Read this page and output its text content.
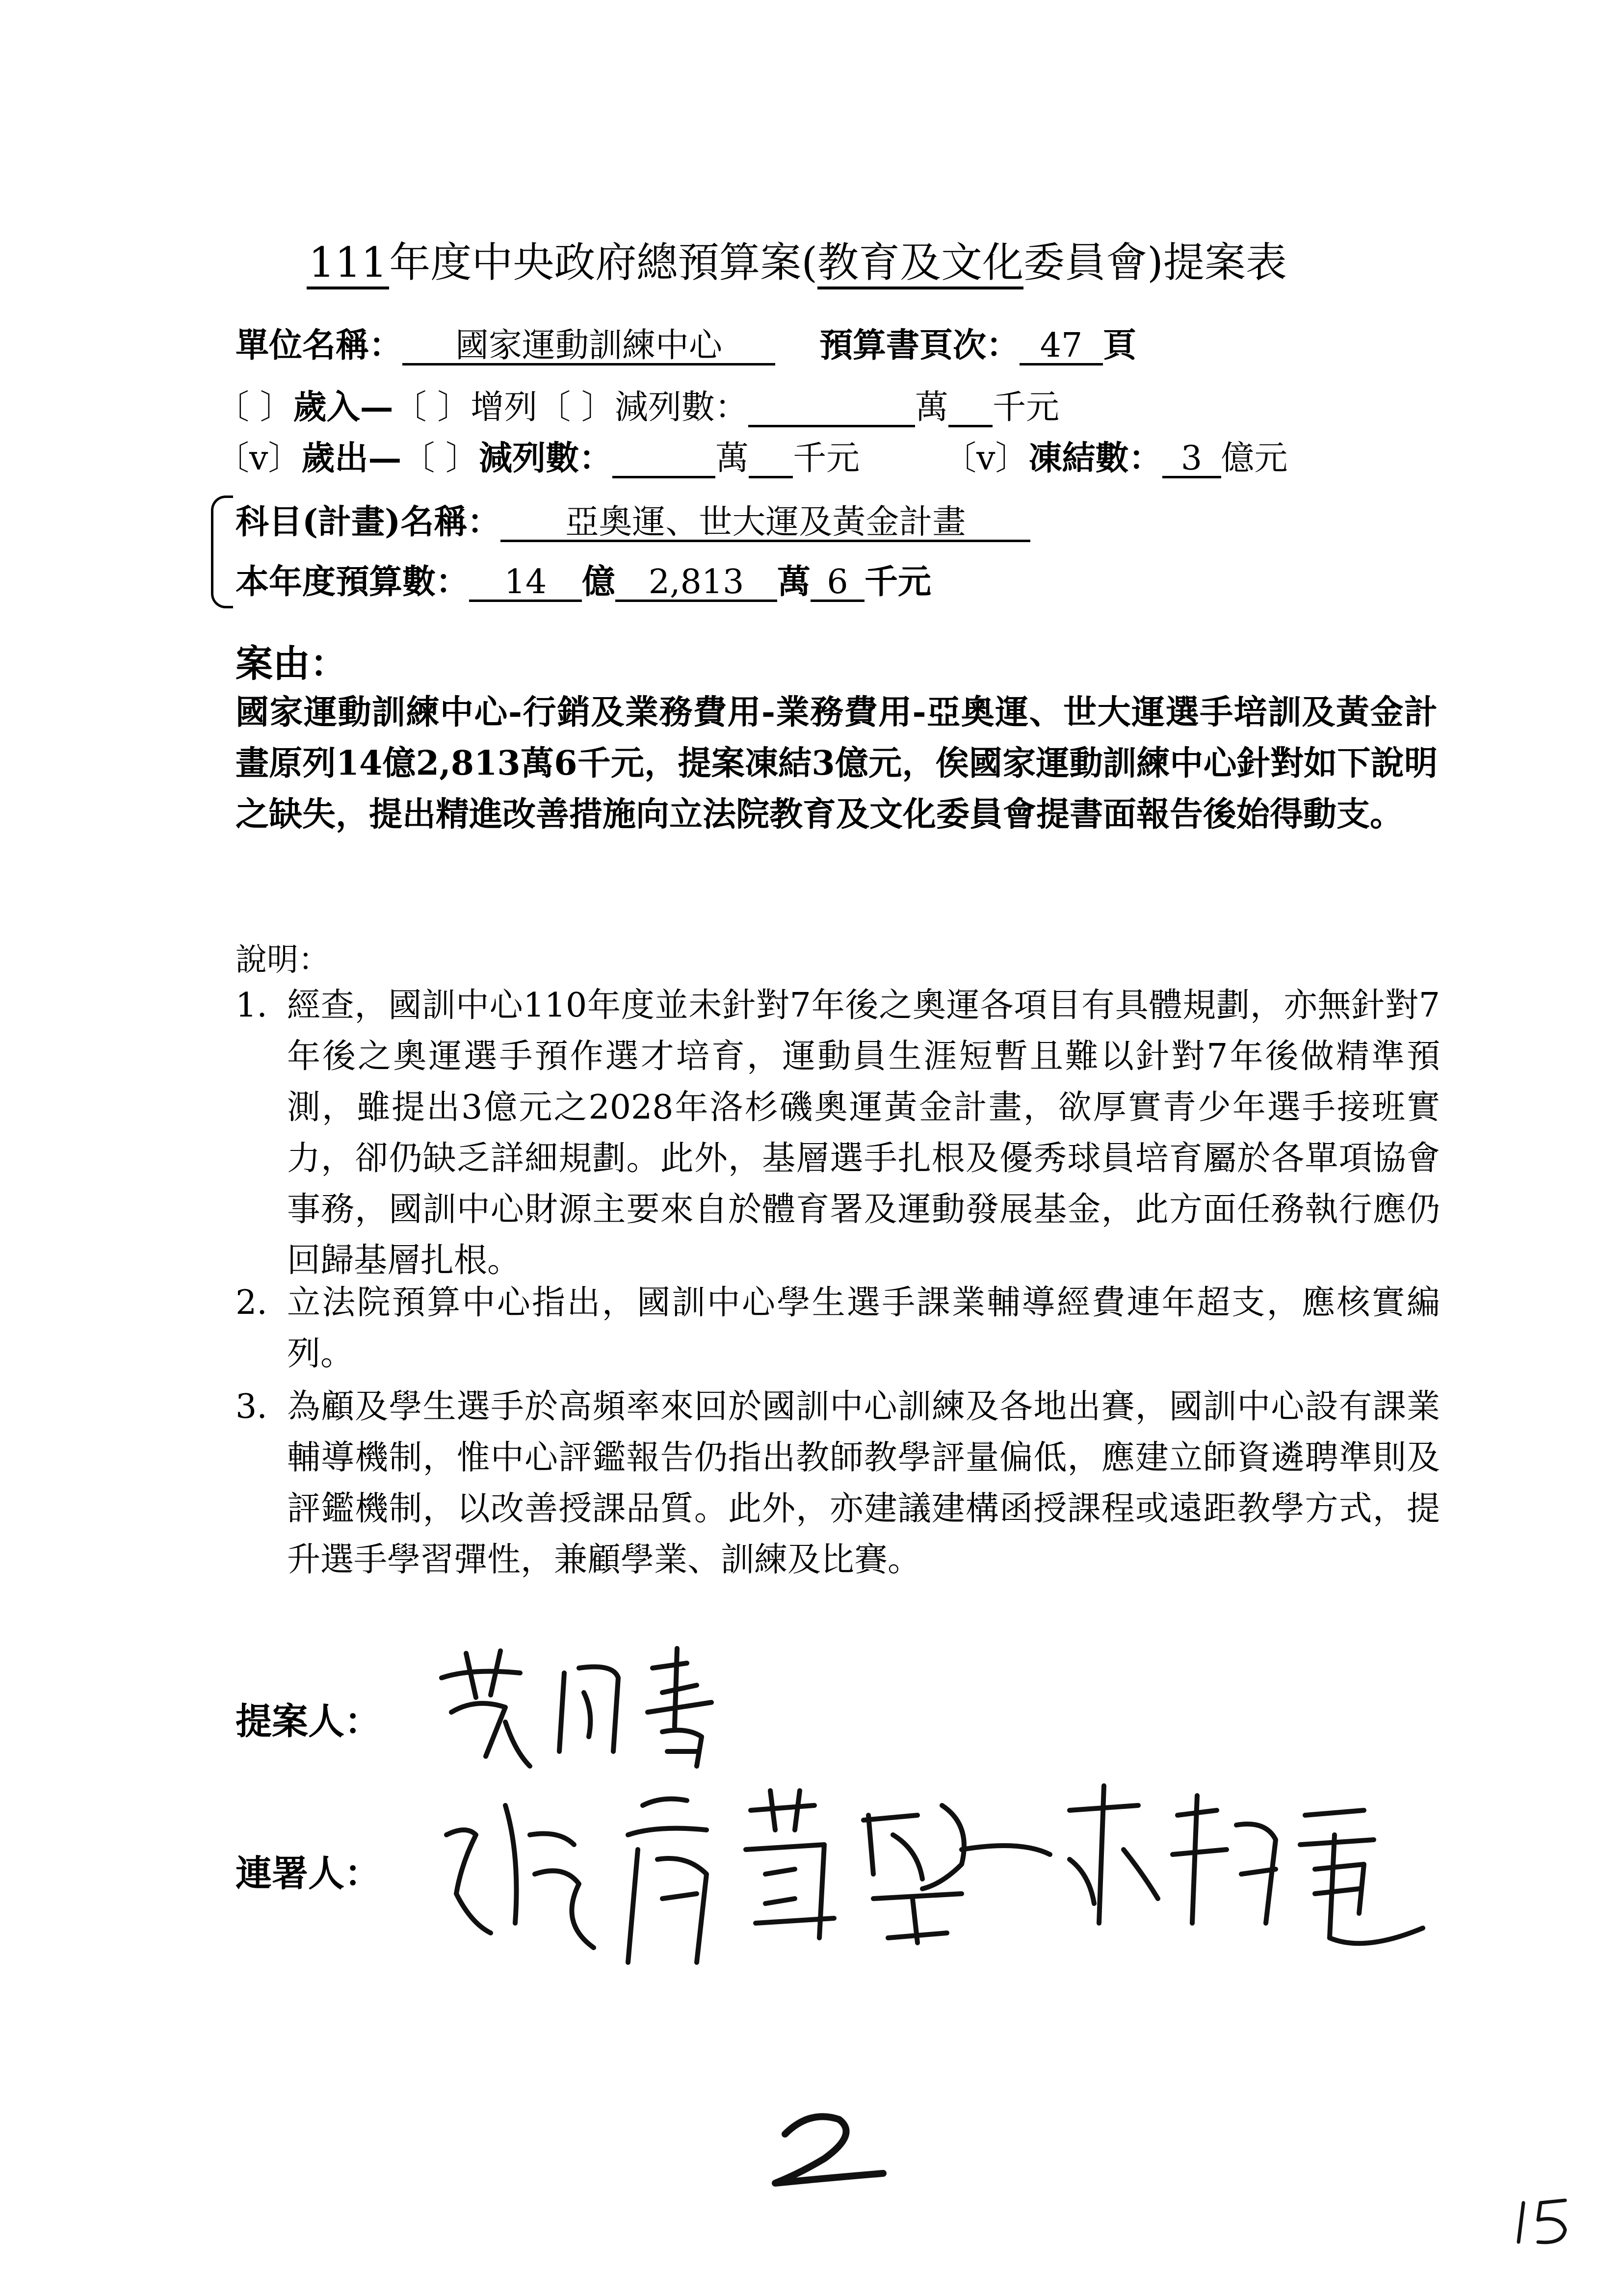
111年度中央政府總預算案(教育及文化委員會)提案表
單位名稱： 國家運動訓練中心	預算書頁次： 47 頁
〔 〕歲入—〔 〕增列〔 〕減列數：	萬 千元
〔v〕歲出—〔 〕減列數：	萬 千元	〔v〕凍結數： 3 億元
科目(計畫)名稱： 亞奧運、世大運及黃金計畫
本年度預算數： 14 億 2,813 萬 6 千元
案由：
國家運動訓練中心-行銷及業務費用-業務費用-亞奧運、世大運選手培訓及黃金計畫原列14億2,813萬6千元，提案凍結3億元，俟國家運動訓練中心針對如下說明之缺失，提出精進改善措施向立法院教育及文化委員會提書面報告後始得動支。
說明：
1. 經查，國訓中心110年度並未針對7年後之奧運各項目有具體規劃，亦無針對7年後之奧運選手預作選才培育，運動員生涯短暫且難以針對7年後做精準預測，雖提出3億元之2028年洛杉磯奧運黃金計畫，欲厚實青少年選手接班實力，卻仍缺乏詳細規劃。此外，基層選手扎根及優秀球員培育屬於各單項協會事務，國訓中心財源主要來自於體育署及運動發展基金，此方面任務執行應仍回歸基層扎根。
2. 立法院預算中心指出，國訓中心學生選手課業輔導經費連年超支，應核實編列。
3. 為顧及學生選手於高頻率來回於國訓中心訓練及各地出賽，國訓中心設有課業輔導機制，惟中心評鑑報告仍指出教師教學評量偏低，應建立師資遴聘準則及評鑑機制，以改善授課品質。此外，亦建議建構函授課程或遠距教學方式，提升選手學習彈性，兼顧學業、訓練及比賽。
提案人：
連署人：
